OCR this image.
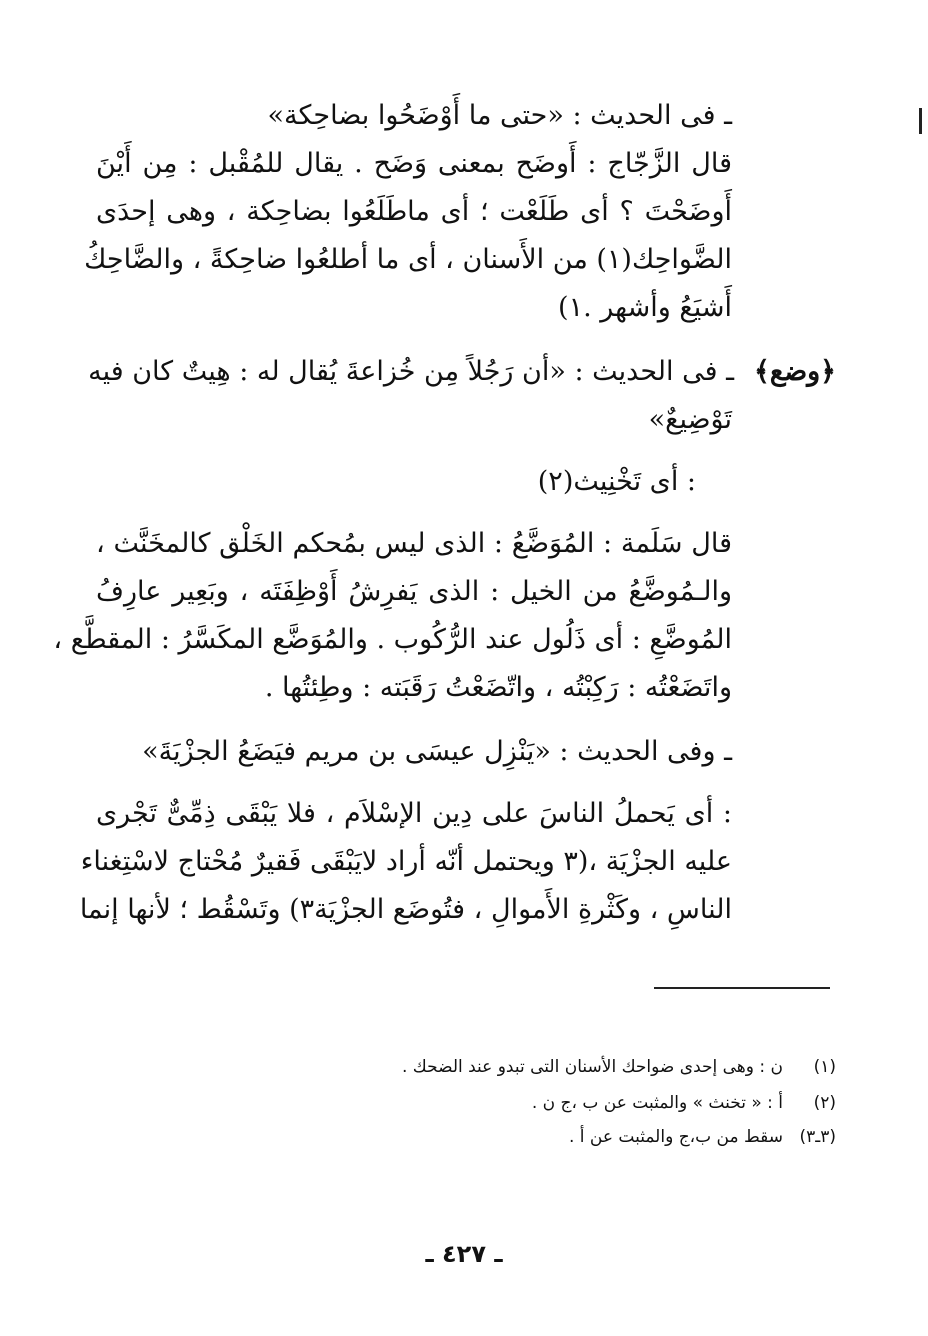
ـ فى الحديث : «حتى ما أَوْضَحُوا بضاحِكة»
قال الزَّجّاج : أَوضَح بمعنى وَضَح . يقال للمُقْبل : مِن أَيْنَ
أَوضَحْتَ ؟ أى طَلَعْت ؛ أى ماطَلَعُوا بضاحِكة ، وهى إحدَى
الضَّواحِك(١) من الأَسنان ، أى ما أطلعُوا ضاحِكةً ، والضَّاحِكُ
أَشيَعُ وأشهر .١)
﴿وضع﴾
ـ فى الحديث : «أن رَجُلاً مِن خُزاعةَ يُقال له : هِيتٌ كان فيه
تَوْضِيعٌ»
: أى تَخْنِيث(٢)
قال سَلَمة : المُوَضَّعُ : الذى ليس بمُحكم الخَلْق كالمخَنَّث ،
والـمُوضَّعُ من الخيل : الذى يَفرِشُ أَوْظِفَتَه ، وبَعِير عارِفُ
المُوضَّعِ : أى ذَلُول عند الرُّكُوب . والمُوَضَّع المكَسَّرُ : المقطَّع ،
واتَضَعْتُه : رَكِبْتُه ، واتّضَعْتُ رَقَبَته : وطِئتُها .
ـ وفى الحديث : «يَنْزِل عيسَى بن مريم فيَضَعُ الجزْيَةَ»
: أى يَحملُ الناسَ على دِين الإسْلاَم ، فلا يَبْقَى ذِمِّىٌّ تَجْرى
عليه الجزْيَة ،(٣ ويحتمل أنّه أراد لايَبْقَى فَقيرٌ مُحْتاج لاسْتِغناء
الناسِ ، وكَثْرةِ الأَموالِ ، فتُوضَع الجزْيَة٣) وتَسْقُط ؛ لأنها إنما
(١)
ن : وهى إحدى ضواحك الأسنان التى تبدو عند الضحك .
(٢)
أ : « تخنث » والمثبت عن ب ،ج ن .
(٣ـ٣)
سقط من ب،ج والمثبت عن أ .
ـ ٤٢٧ ـ
